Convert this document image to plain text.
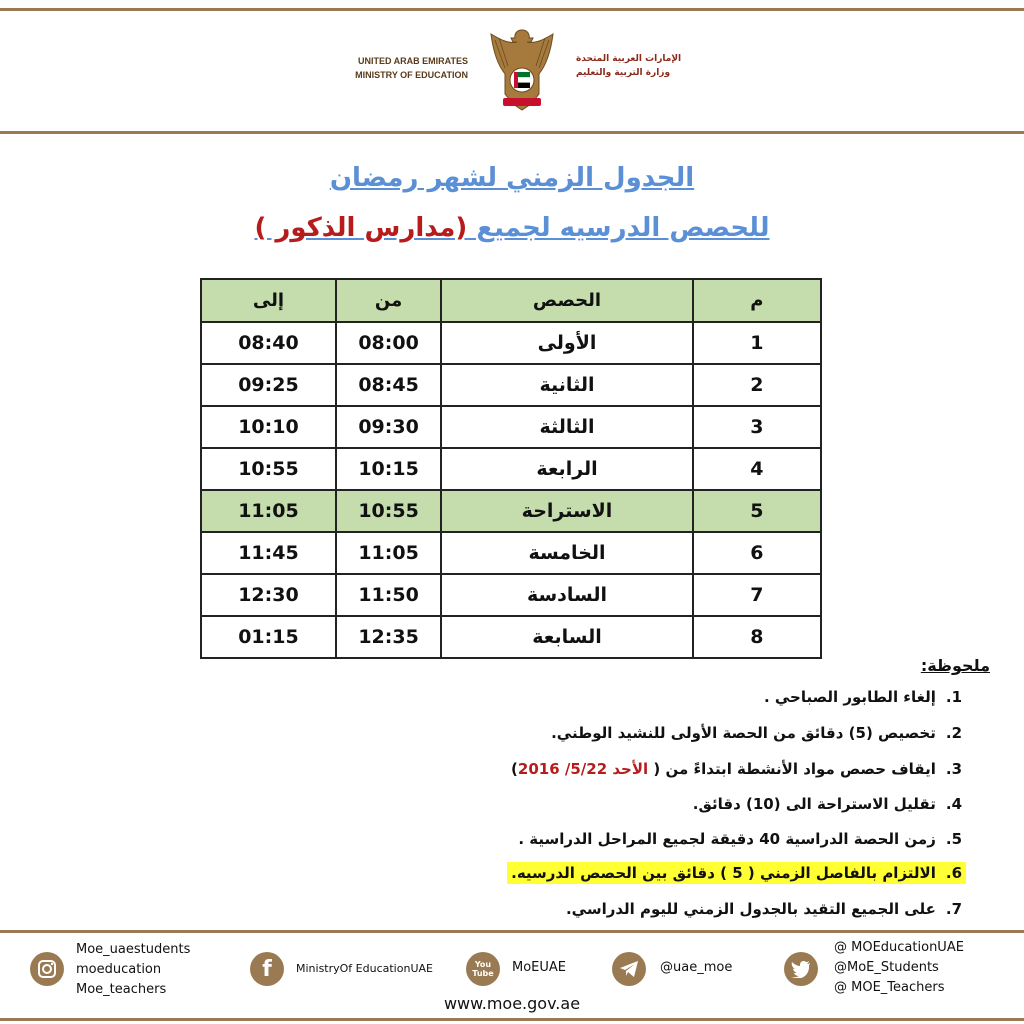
UNITED ARAB EMIRATES
MINISTRY OF EDUCATION
الإمارات العربية المتحدة
وزارة التربية والتعليم
الجدول الزمني لشهر رمضان
للحصص الدرسيه لجميع (مدارس الذكور )
م	الحصص	من	إلى
1	الأولى	08:00	08:40
2	الثانية	08:45	09:25
3	الثالثة	09:30	10:10
4	الرابعة	10:15	10:55
5	الاستراحة	10:55	11:05
6	الخامسة	11:05	11:45
7	السادسة	11:50	12:30
8	السابعة	12:35	01:15
ملحوظة:
1.إلغاء الطابور الصباحي .
2.تخصيص (5) دقائق من الحصة الأولى للنشيد الوطني.
3.ايقاف حصص مواد الأنشطة ابتداءً من ( الأحد 5/22/ 2016)
4.تقليل الاستراحة الى (10) دقائق.
5.زمن الحصة الدراسية 40 دقيقة لجميع المراحل الدراسية .
6.الالتزام بالفاصل الزمني ( 5 ) دقائق بين الحصص الدرسيه.
7.على الجميع التقيد بالجدول الزمني لليوم الدراسي.
Moe_uaestudents
moeducation
Moe_teachers
f	MinistryOf EducationUAE	You Tube MoEUAE	@uae_moe
@ MOEducationUAE
@MoE_Students
@ MOE_Teachers
www.moe.gov.ae
